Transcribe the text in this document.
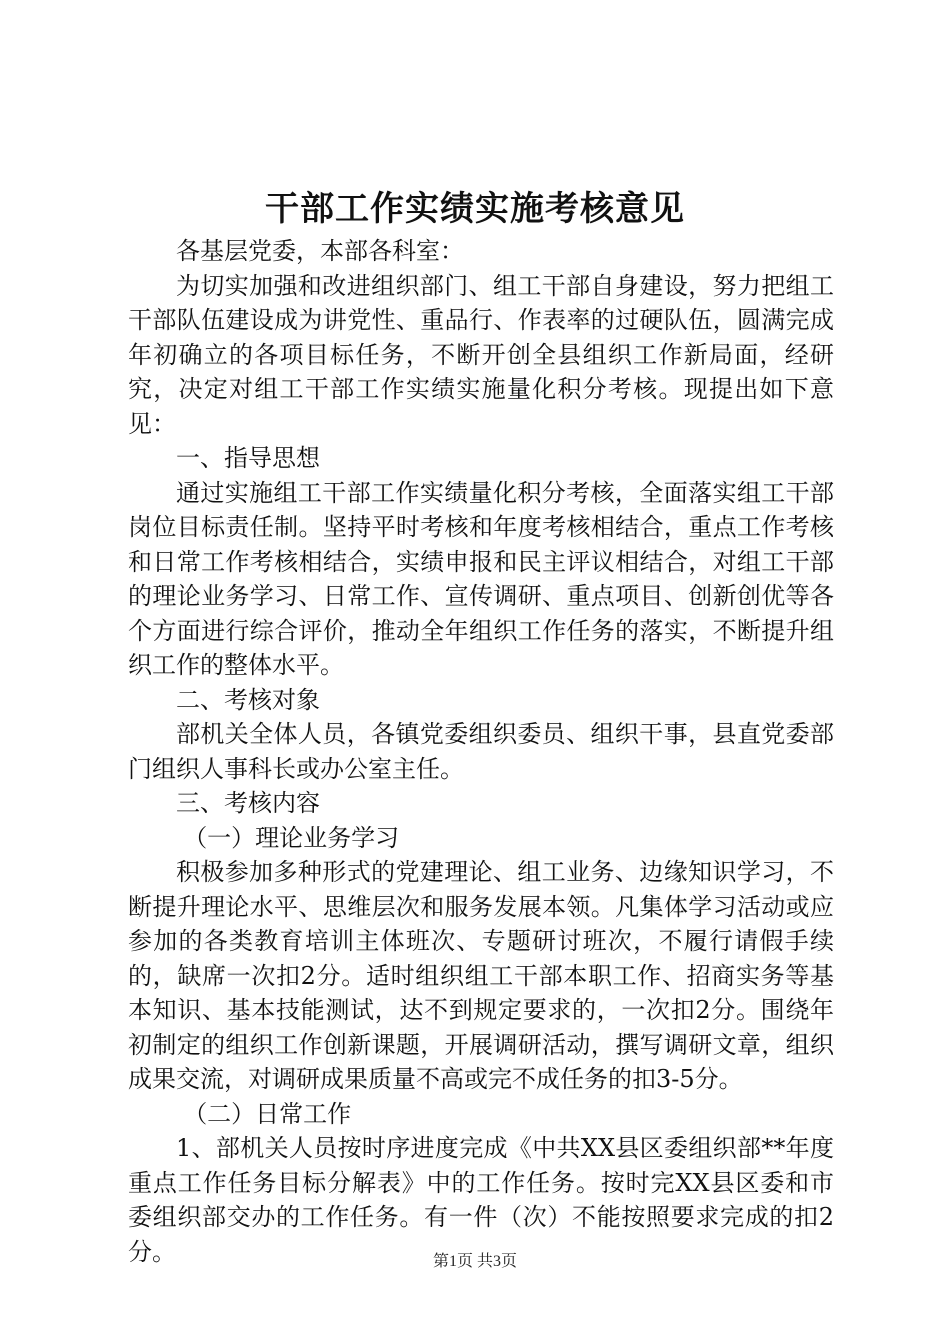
干部工作实绩实施考核意见

各基层党委，本部各科室：

为切实加强和改进组织部门、组工干部自身建设，努力把组工干部队伍建设成为讲党性、重品行、作表率的过硬队伍，圆满完成年初确立的各项目标任务，不断开创全县组织工作新局面，经研究，决定对组工干部工作实绩实施量化积分考核。现提出如下意见：

一、指导思想

通过实施组工干部工作实绩量化积分考核，全面落实组工干部岗位目标责任制。坚持平时考核和年度考核相结合，重点工作考核和日常工作考核相结合，实绩申报和民主评议相结合，对组工干部的理论业务学习、日常工作、宣传调研、重点项目、创新创优等各个方面进行综合评价，推动全年组织工作任务的落实，不断提升组织工作的整体水平。

二、考核对象

部机关全体人员，各镇党委组织委员、组织干事，县直党委部门组织人事科长或办公室主任。

三、考核内容

（一）理论业务学习

积极参加多种形式的党建理论、组工业务、边缘知识学习，不断提升理论水平、思维层次和服务发展本领。凡集体学习活动或应参加的各类教育培训主体班次、专题研讨班次，不履行请假手续的，缺席一次扣2分。适时组织组工干部本职工作、招商实务等基本知识、基本技能测试，达不到规定要求的，一次扣2分。围绕年初制定的组织工作创新课题，开展调研活动，撰写调研文章，组织成果交流，对调研成果质量不高或完不成任务的扣3-5分。

（二）日常工作

1、部机关人员按时序进度完成《中共XX县区委组织部**年度重点工作任务目标分解表》中的工作任务。按时完XX县区委和市委组织部交办的工作任务。有一件（次）不能按照要求完成的扣2分。	第1页 共3页
